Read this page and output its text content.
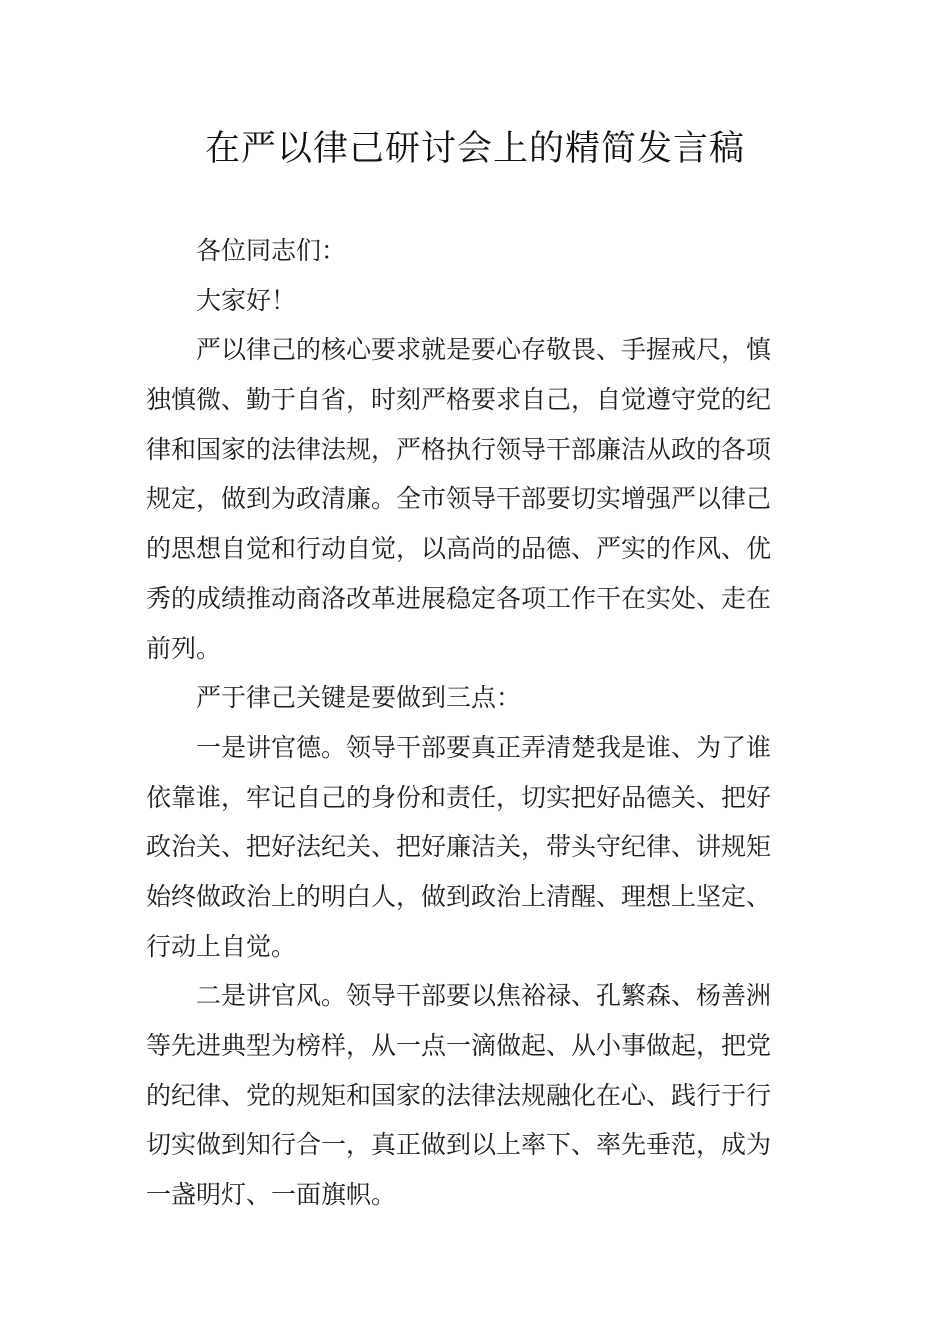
在严以律己研讨会上的精简发言稿

各位同志们：

大家好！

严以律己的核心要求就是要心存敬畏、手握戒尺，慎
独慎微、勤于自省，时刻严格要求自己，自觉遵守党的纪
律和国家的法律法规，严格执行领导干部廉洁从政的各项
规定，做到为政清廉。全市领导干部要切实增强严以律己
的思想自觉和行动自觉，以高尚的品德、严实的作风、优
秀的成绩推动商洛改革进展稳定各项工作干在实处、走在
前列。

严于律己关键是要做到三点：

一是讲官德。领导干部要真正弄清楚我是谁、为了谁
依靠谁，牢记自己的身份和责任，切实把好品德关、把好
政治关、把好法纪关、把好廉洁关，带头守纪律、讲规矩
始终做政治上的明白人，做到政治上清醒、理想上坚定、
行动上自觉。

二是讲官风。领导干部要以焦裕禄、孔繁森、杨善洲
等先进典型为榜样，从一点一滴做起、从小事做起，把党
的纪律、党的规矩和国家的法律法规融化在心、践行于行
切实做到知行合一，真正做到以上率下、率先垂范，成为
一盏明灯、一面旗帜。
